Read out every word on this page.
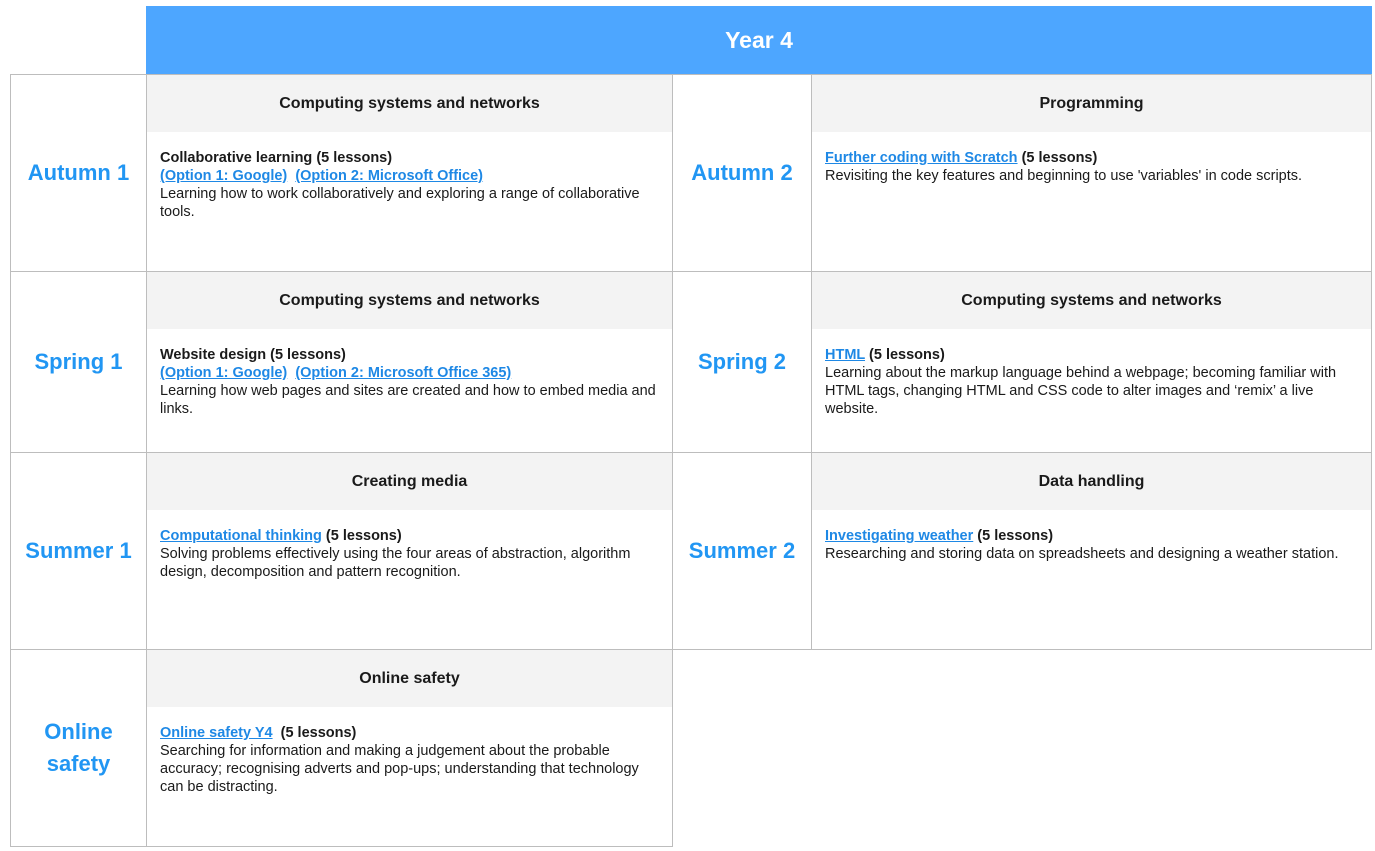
Year 4
Autumn 1
Computing systems and networks
Collaborative learning (5 lessons)
(Option 1: Google) (Option 2: Microsoft Office)
Learning how to work collaboratively and exploring a range of collaborative tools.
Autumn 2
Programming
Further coding with Scratch (5 lessons)
Revisiting the key features and beginning to use 'variables' in code scripts.
Spring 1
Computing systems and networks
Website design (5 lessons)
(Option 1: Google) (Option 2: Microsoft Office 365)
Learning how web pages and sites are created and how to embed media and links.
Spring 2
Computing systems and networks
HTML (5 lessons)
Learning about the markup language behind a webpage; becoming familiar with HTML tags, changing HTML and CSS code to alter images and ‘remix’ a live website.
Summer 1
Creating media
Computational thinking (5 lessons)
Solving problems effectively using the four areas of abstraction, algorithm design, decomposition and pattern recognition.
Summer 2
Data handling
Investigating weather (5 lessons)
Researching and storing data on spreadsheets and designing a weather station.
Online
safety
Online safety
Online safety Y4  (5 lessons)
Searching for information and making a judgement about the probable accuracy; recognising adverts and pop-ups; understanding that technology can be distracting.
